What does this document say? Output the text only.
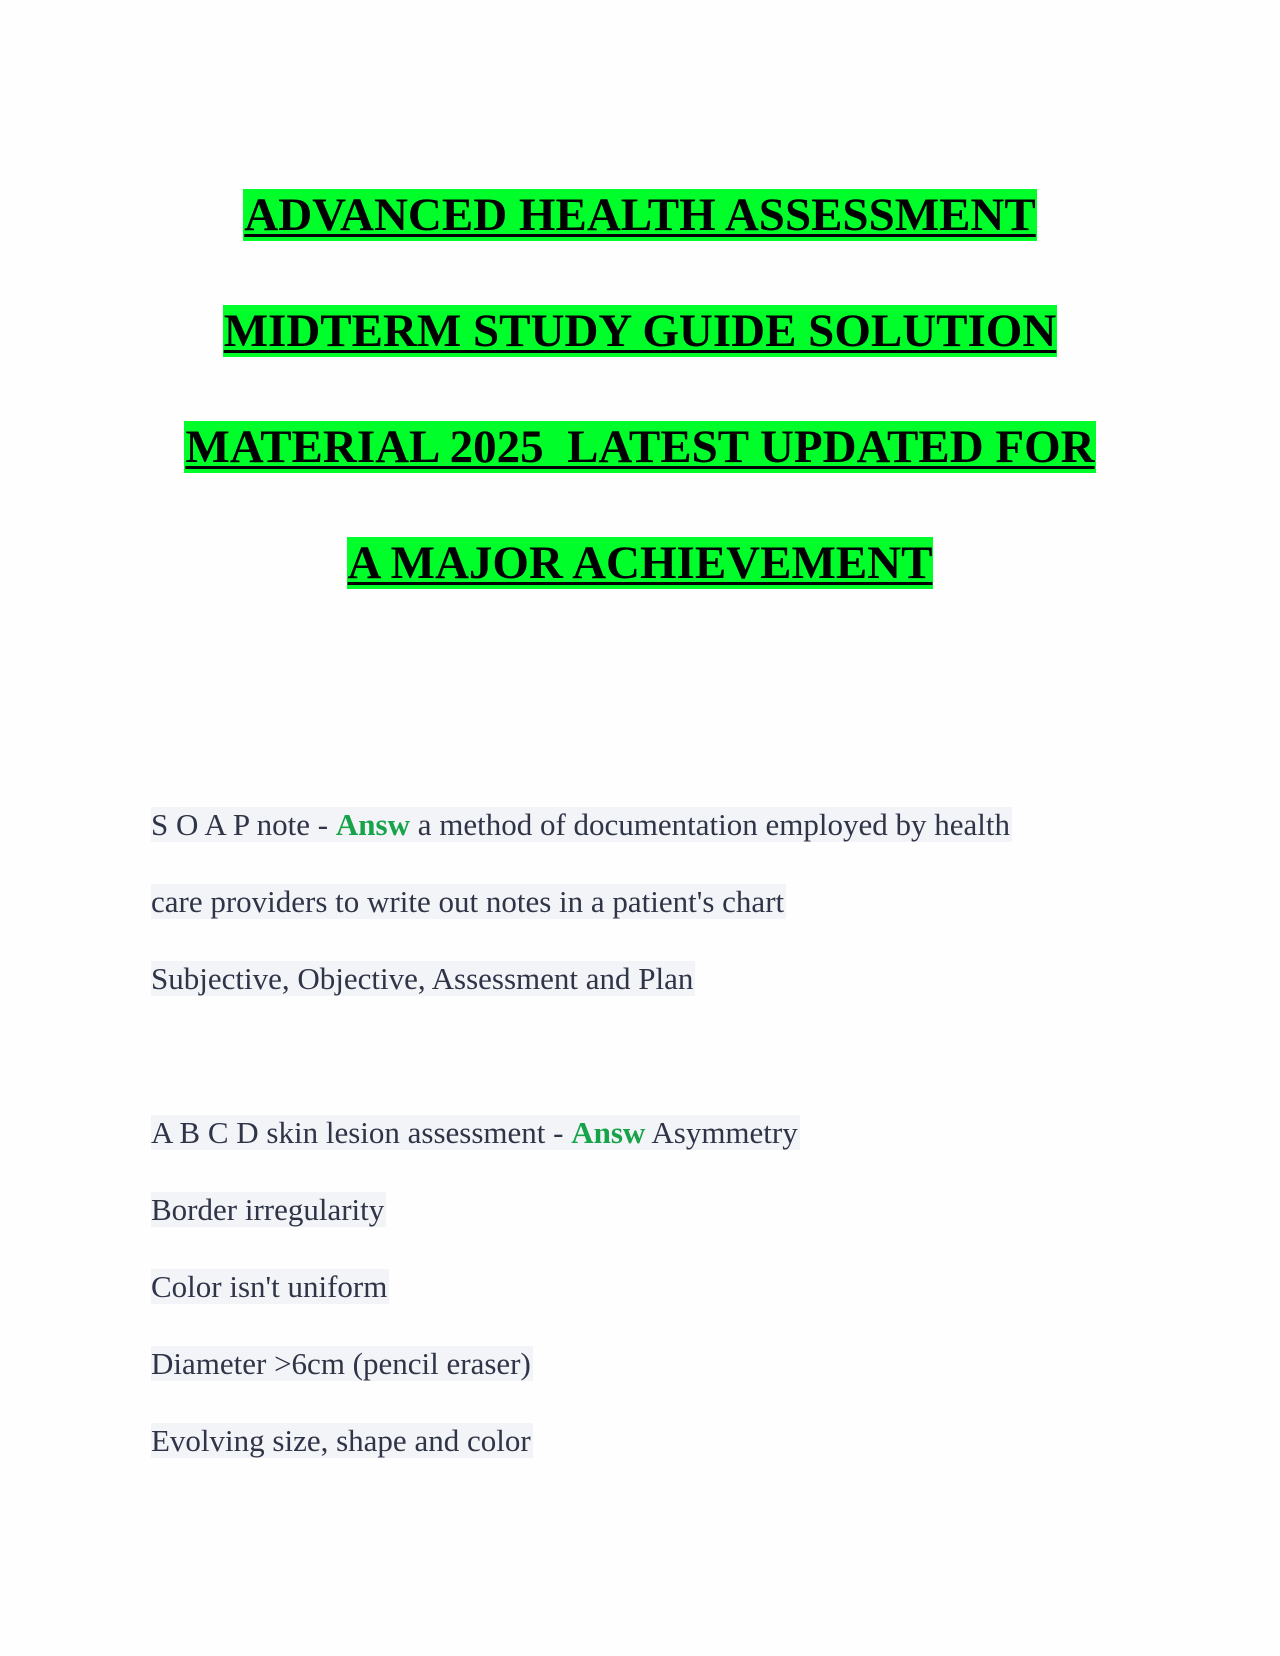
ADVANCED HEALTH ASSESSMENT
MIDTERM STUDY GUIDE SOLUTION
MATERIAL 2025  LATEST UPDATED FOR
A MAJOR ACHIEVEMENT
S O A P note - Answ a method of documentation employed by health
care providers to write out notes in a patient's chart
Subjective, Objective, Assessment and Plan
A B C D skin lesion assessment - Answ Asymmetry
Border irregularity
Color isn't uniform
Diameter >6cm (pencil eraser)
Evolving size, shape and color
